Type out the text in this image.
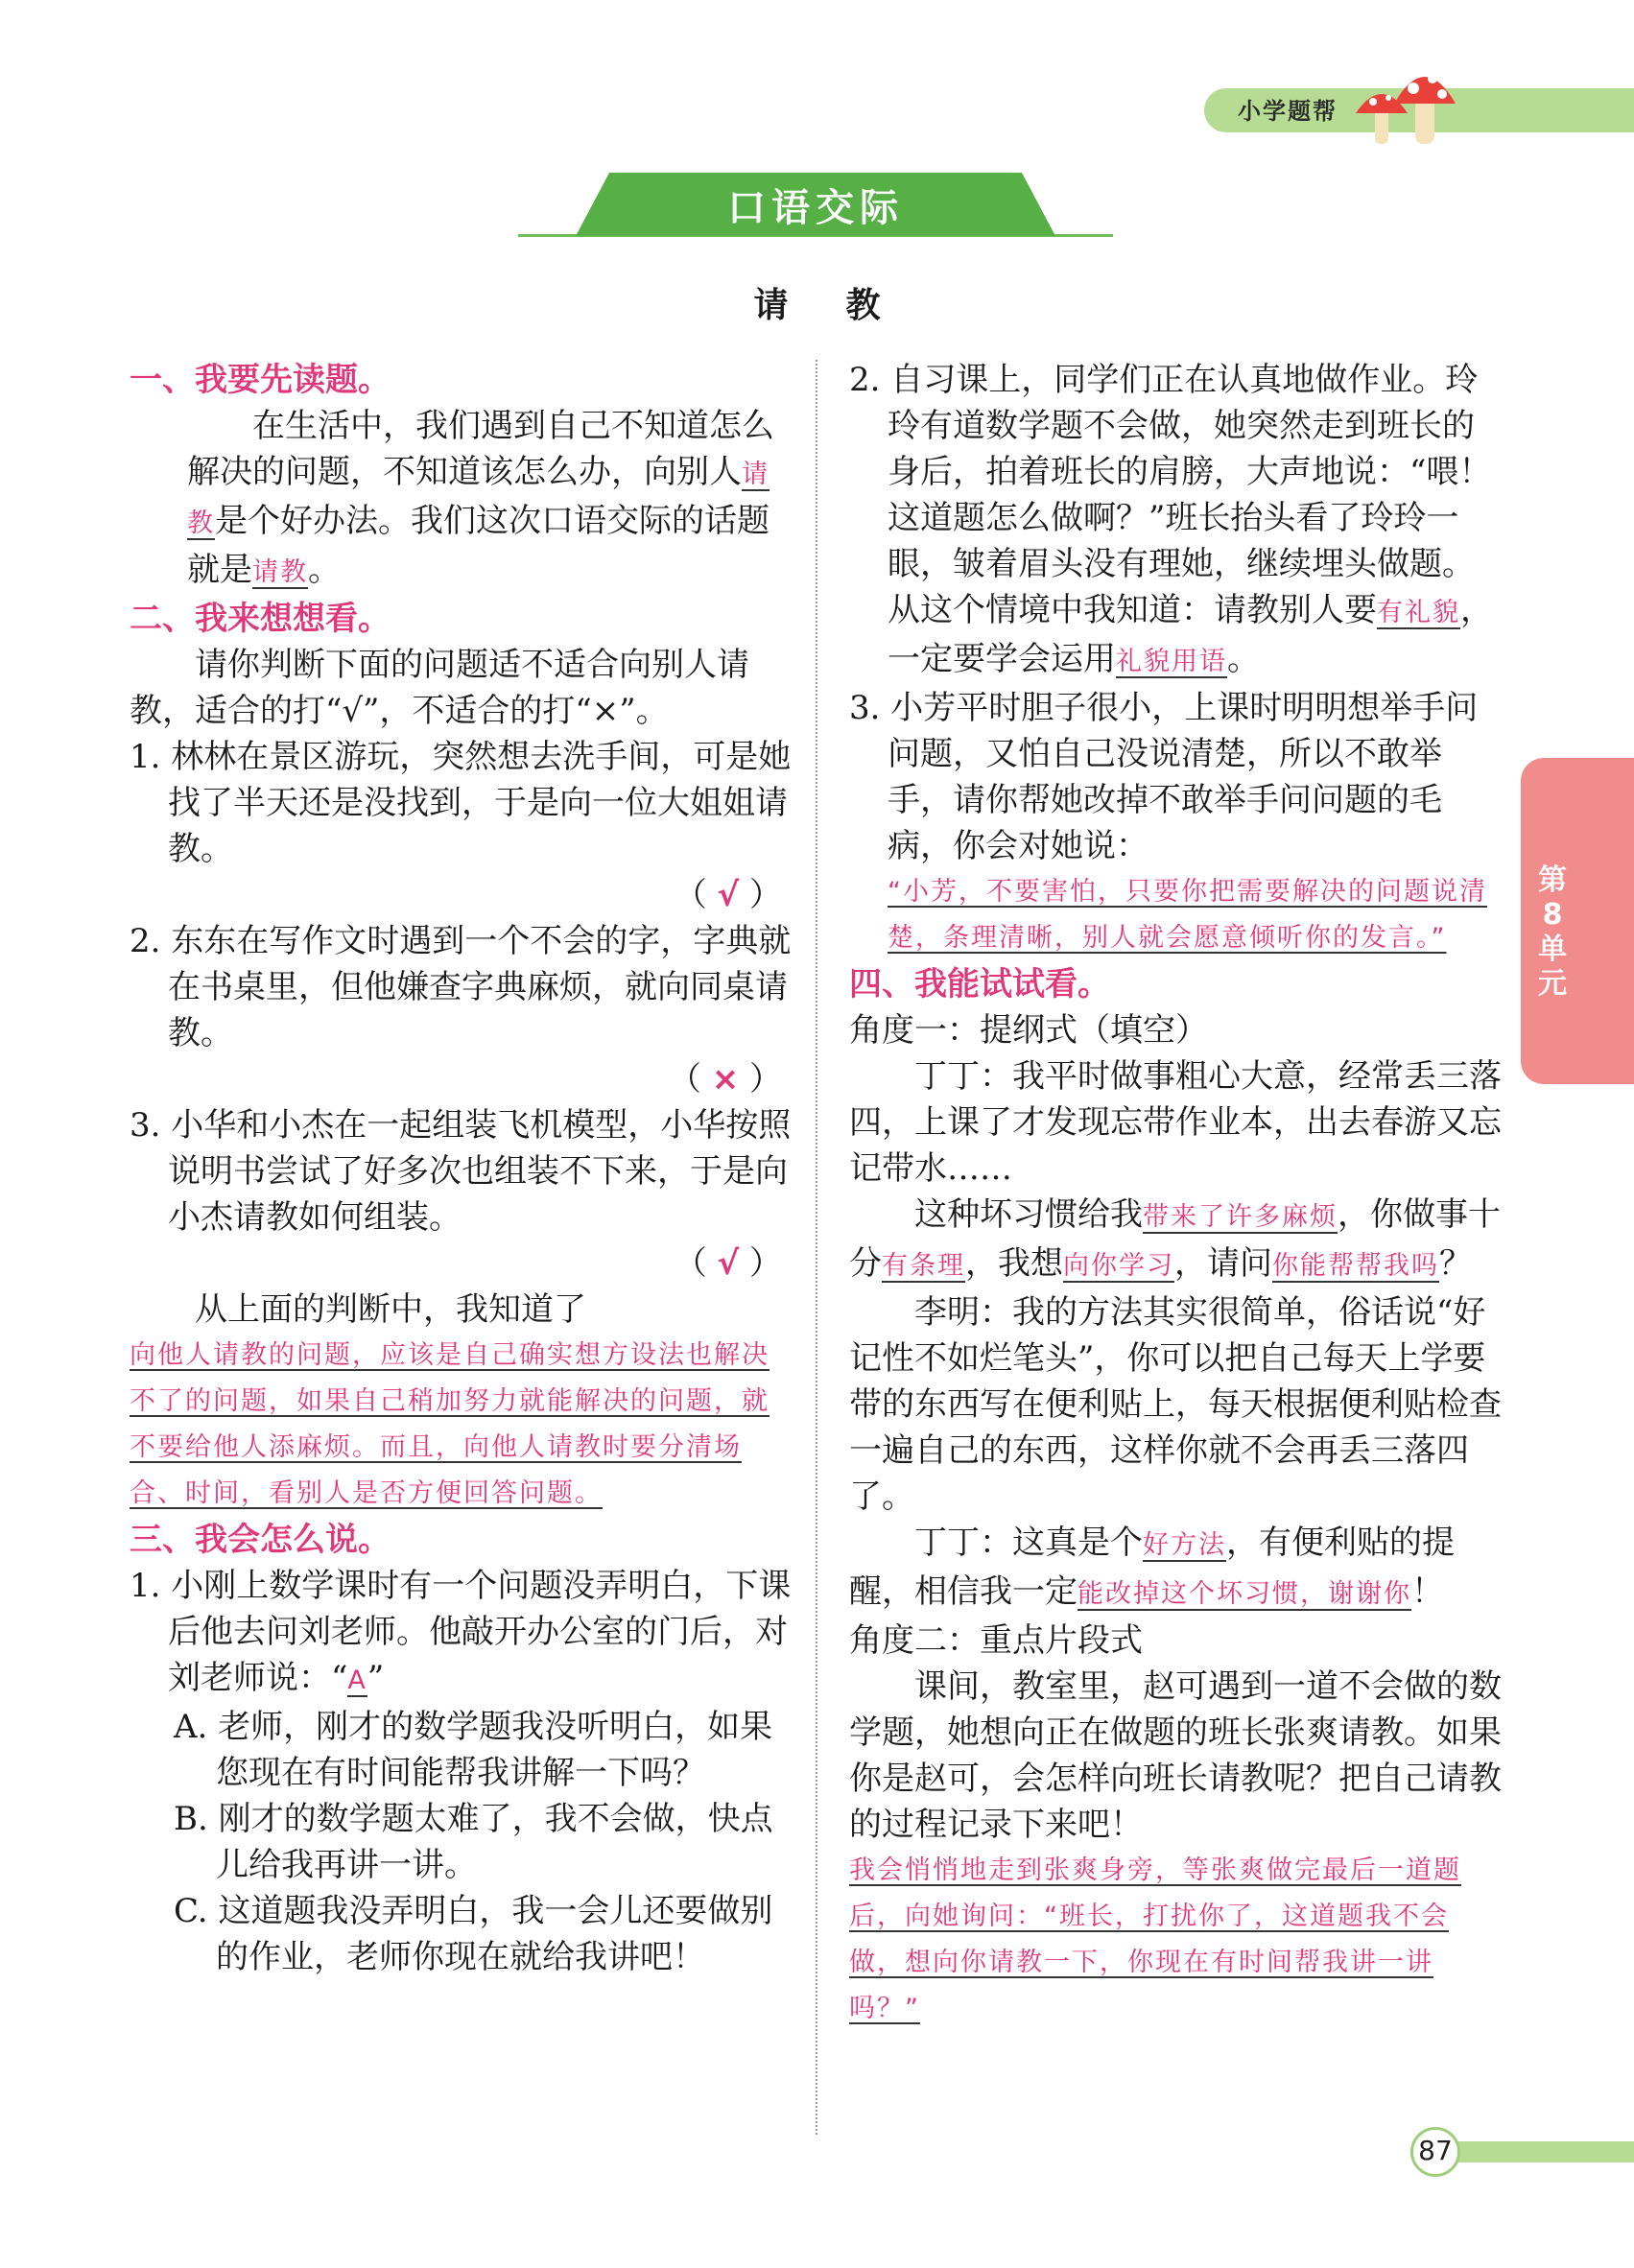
小学题帮
口语交际
请教

一、我要先读题。

在生活中，我们遇到自己不知道怎么解决的问题，不知道该怎么办，向别人请教是个好办法。我们这次口语交际的话题就是请教。

二、我来想想看。

请你判断下面的问题适不适合向别人请教，适合的打“√”，不适合的打“×”。

1. 林林在景区游玩，突然想去洗手间，可是她找了半天还是没找到，于是向一位大姐姐请教。

（ √ ）

2. 东东在写作文时遇到一个不会的字，字典就在书桌里，但他嫌查字典麻烦，就向同桌请教。

（ × ）

3. 小华和小杰在一起组装飞机模型，小华按照说明书尝试了好多次也组装不下来，于是向小杰请教如何组装。

（ √ ）

从上面的判断中，我知道了

向他人请教的问题，应该是自己确实想方设法也解决不了的问题，如果自己稍加努力就能解决的问题，就不要给他人添麻烦。而且，向他人请教时要分清场合、时间，看别人是否方便回答问题。

三、我会怎么说。

1. 小刚上数学课时有一个问题没弄明白，下课后他去问刘老师。他敲开办公室的门后，对刘老师说：“A”

A. 老师，刚才的数学题我没听明白，如果您现在有时间能帮我讲解一下吗？

B. 刚才的数学题太难了，我不会做，快点儿给我再讲一讲。

C. 这道题我没弄明白，我一会儿还要做别的作业，老师你现在就给我讲吧！

2. 自习课上，同学们正在认真地做作业。玲玲有道数学题不会做，她突然走到班长的身后，拍着班长的肩膀，大声地说：“喂！这道题怎么做啊？”班长抬头看了玲玲一眼，皱着眉头没有理她，继续埋头做题。从这个情境中我知道：请教别人要有礼貌，一定要学会运用礼貌用语。

3. 小芳平时胆子很小，上课时明明想举手问问题，又怕自己没说清楚，所以不敢举手，请你帮她改掉不敢举手问问题的毛病，你会对她说：

“小芳，不要害怕，只要你把需要解决的问题说清楚，条理清晰，别人就会愿意倾听你的发言。”

四、我能试试看。

角度一：提纲式（填空）

丁丁：我平时做事粗心大意，经常丢三落四，上课了才发现忘带作业本，出去春游又忘记带水……

这种坏习惯给我带来了许多麻烦，你做事十分有条理，我想向你学习，请问你能帮帮我吗？

李明：我的方法其实很简单，俗话说“好记性不如烂笔头”，你可以把自己每天上学要带的东西写在便利贴上，每天根据便利贴检查一遍自己的东西，这样你就不会再丢三落四了。

丁丁：这真是个好方法，有便利贴的提醒，相信我一定能改掉这个坏习惯，谢谢你！

角度二：重点片段式

课间，教室里，赵可遇到一道不会做的数学题，她想向正在做题的班长张爽请教。如果你是赵可，会怎样向班长请教呢？把自己请教的过程记录下来吧！

我会悄悄地走到张爽身旁，等张爽做完最后一道题后，向她询问：“班长，打扰你了，这道题我不会做，想向你请教一下，你现在有时间帮我讲一讲吗？”

第8单元
87
